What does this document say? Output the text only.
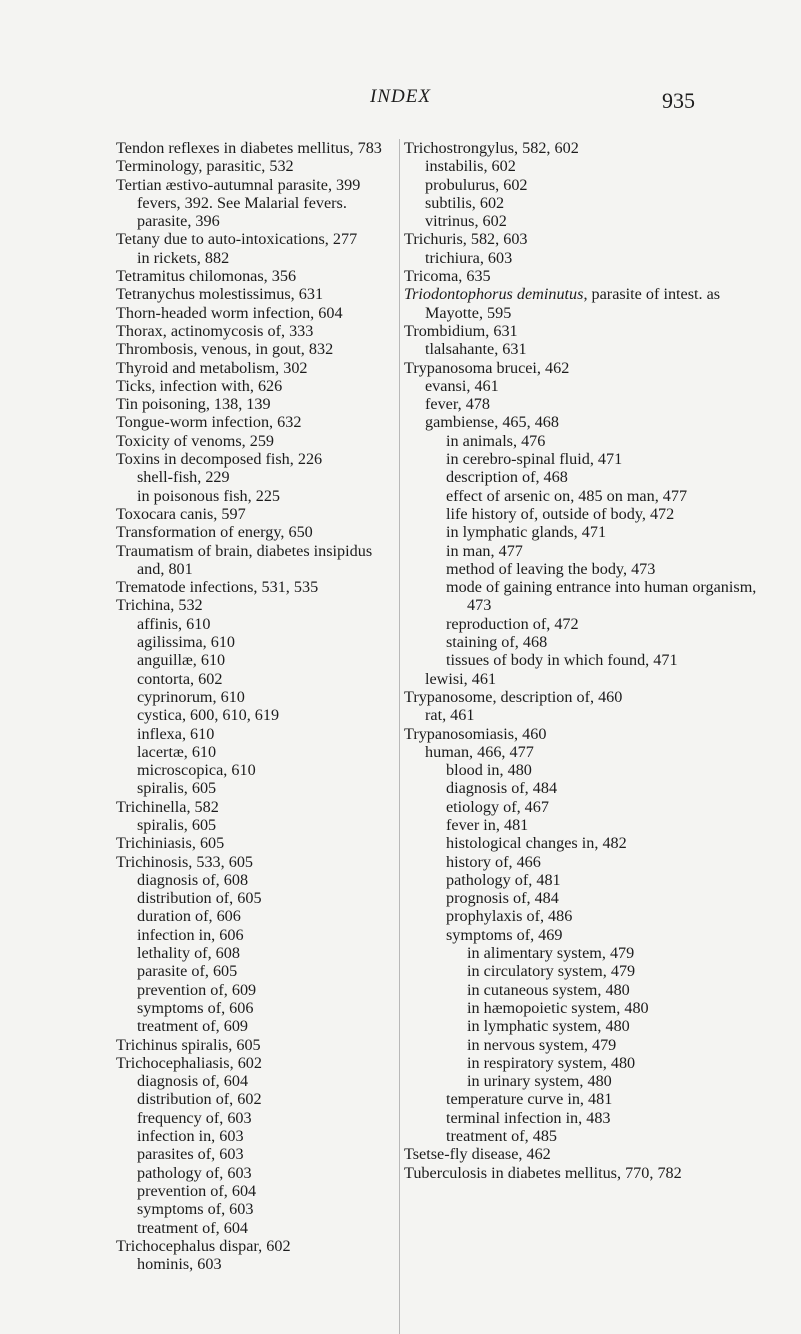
INDEX	935

Tendon reflexes in diabetes mellitus, 783

Terminology, parasitic, 532

Tertian æstivo-autumnal parasite, 399

fevers, 392. See Malarial fevers.

parasite, 396

Tetany due to auto-intoxications, 277

in rickets, 882

Tetramitus chilomonas, 356

Tetranychus molestissimus, 631

Thorn-headed worm infection, 604

Thorax, actinomycosis of, 333

Thrombosis, venous, in gout, 832

Thyroid and metabolism, 302

Ticks, infection with, 626

Tin poisoning, 138, 139

Tongue-worm infection, 632

Toxicity of venoms, 259

Toxins in decomposed fish, 226

shell-fish, 229

in poisonous fish, 225

Toxocara canis, 597

Transformation of energy, 650

Traumatism of brain, diabetes insipidus and, 801

Trematode infections, 531, 535

Trichina, 532

affinis, 610

agilissima, 610

anguillæ, 610

contorta, 602

cyprinorum, 610

cystica, 600, 610, 619

inflexa, 610

lacertæ, 610

microscopica, 610

spiralis, 605

Trichinella, 582

spiralis, 605

Trichiniasis, 605

Trichinosis, 533, 605

diagnosis of, 608

distribution of, 605

duration of, 606

infection in, 606

lethality of, 608

parasite of, 605

prevention of, 609

symptoms of, 606

treatment of, 609

Trichinus spiralis, 605

Trichocephaliasis, 602

diagnosis of, 604

distribution of, 602

frequency of, 603

infection in, 603

parasites of, 603

pathology of, 603

prevention of, 604

symptoms of, 603

treatment of, 604

Trichocephalus dispar, 602

hominis, 603

Trichostrongylus, 582, 602

instabilis, 602

probulurus, 602

subtilis, 602

vitrinus, 602

Trichuris, 582, 603

trichiura, 603

Tricoma, 635

Triodontophorus deminutus, parasite of intest. as Mayotte, 595

Trombidium, 631

tlalsahante, 631

Trypanosoma brucei, 462

evansi, 461

fever, 478

gambiense, 465, 468

in animals, 476

in cerebro-spinal fluid, 471

description of, 468

effect of arsenic on, 485 on man, 477

life history of, outside of body, 472

in lymphatic glands, 471

in man, 477

method of leaving the body, 473

mode of gaining entrance into human organism, 473

reproduction of, 472

staining of, 468

tissues of body in which found, 471

lewisi, 461

Trypanosome, description of, 460

rat, 461

Trypanosomiasis, 460

human, 466, 477

blood in, 480

diagnosis of, 484

etiology of, 467

fever in, 481

histological changes in, 482

history of, 466

pathology of, 481

prognosis of, 484

prophylaxis of, 486

symptoms of, 469

in alimentary system, 479

in circulatory system, 479

in cutaneous system, 480

in hæmopoietic system, 480

in lymphatic system, 480

in nervous system, 479

in respiratory system, 480

in urinary system, 480

temperature curve in, 481

terminal infection in, 483

treatment of, 485

Tsetse-fly disease, 462

Tuberculosis in diabetes mellitus, 770, 782
